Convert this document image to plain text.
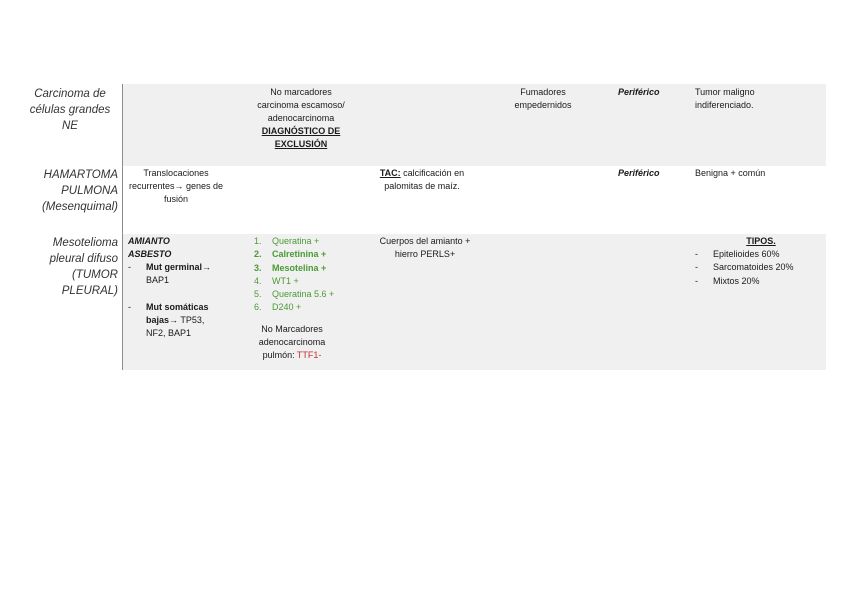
Carcinoma de células grandes NE
No marcadores
carcinoma escamoso/
adenocarcinoma
DIAGNÓSTICO DE EXCLUSIÓN
Fumadores empedernidos
Periférico	Tumor maligno indiferenciado.
HAMARTOMA PULMONA (Mesenquimal)
Translocaciones recurrentes→ genes de fusión
TAC: calcificación en palomitas de maíz.
Periférico	Benigna + común
Mesotelioma pleural difuso (TUMOR PLEURAL)
AMIANTO ASBESTO
- Mut germinal→ BAP1
- Mut somáticas bajas→ TP53, NF2, BAP1
1. Queratina +
2. Calretinina +
3. Mesotelina +
4. WT1 +
5. Queratina 5.6 +
6. D240 +
No Marcadores adenocarcinoma pulmón: TTF1-
Cuerpos del amianto + hierro PERLS+
TIPOS.
- Epitelioides 60%
- Sarcomatoides 20%
- Mixtos 20%
